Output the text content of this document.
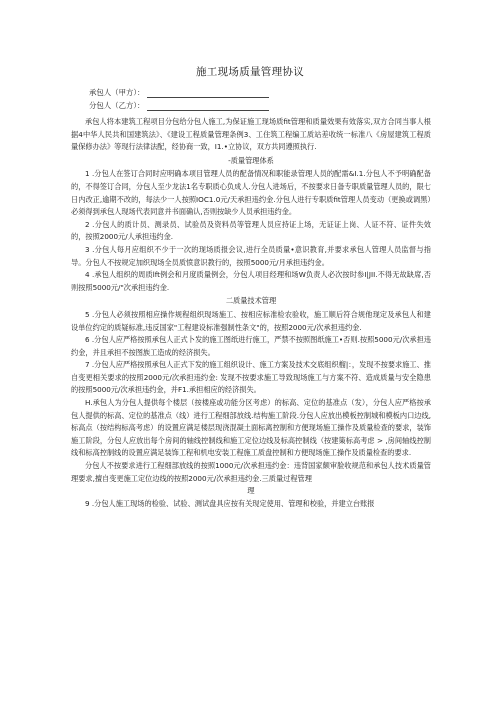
施工现场质量管理协议
承包人（甲方）：
分包人（乙方）：

承包人将本建筑工程项目分包给分包人施工,为保证施工现场质fit管理和质量效果有效落实,双方合同当事人根据4中华人民共和国建筑法》、《建设工程质量管理条例3、工住筑工程编工质站差收统一标准八《房屋建筑工程质量保修办法》等现行法律法配，经协商一致，I1.•立协议，双方共同遵照执行.

-质量管理体系

1 .分包人在签订合同时应明确本项目管理人员的配备情况和职能录管理人员的配需&I.1.分包人不予明确配备的，不得签订合同，分包人至少龙法1名专职质心负成人.分包人进场后，不按要求日备专职质量管理人员的，限七日内改正,逾期不改的，每法少一人按照IOC1.0元/天承担违约金.分包人进行专职质fit管理人员变动（更换或调黑）必须得到承包人现场代表同意并书面确认,否则按缺少人员承担违约金。

2 .分包人的质计员、测录员、试验员及资料员等管理人员应持证上场，无证证上岗、人证不符、证件失效的，按照2000元/人承担违约金.

3 .分包人每月应组织不少于一次的现场质报会议,进行全员质量•意识教育,并要求承包人管理人员监督与指导。分包人不按规定加织现场全员质愤意识教行的，按照5000元/月承担违约金。

4 .承包人组织的周质lft例会和月度质量例会，分包人项目经理和场W负责人必次按时参I|JII.不得无故缺席,否则按照5000元/"次承担违约金.

二质量技术管理

5 .分包人必须按照相应操作规程组织现场施工、按相应标准检农验收，施工顺后符合规他现定及承包人和建设单位约定的质疑标准,违反国家"工程建设标准强制性条文"的，按照2000元/次承担违约金.

6 .分包人应严格按照承包人正式卜发的施工图纸进行施工，严禁不按照图纸施工•否则.按照5000元/次承担违约金，并且承担不按图族工造成的经济损失。

7 .分包人应严格按照承包人正式下发的施工组织设计、施工方案及技术交底组织榴|：，发现不按要求施工、推自变更相关要求的按照2000元/次承担违约金: 发现不按要求施工导致现场施工与方案不符、造成质量与安全隐患的按照5000元/次承担违约金，并F1.承担相应的经济损失。

H.承包人为分包人提供每个楼层（按楼座或功能分区考虑）的标高、定位的基准点（发），分包人应严格按承包人提供的标高、定位的基准点（线）进行工程细部放线.结构施工阶段.分包人应放出模板控制城和模板内口边线,标高点（按结构标高考虑）的设置应满足楼层现浇混凝土面标离控制和方便现场施工操作及质量检查的要求，装饰施工阶段，分包人应放出每个房间的轴线控制线和施工定位边线及标高控制线（按建策标高考虑 > ,房间轴线控制线和标高控制线的设置应满足装饰工程和机电安装工程施工质盘控制和方便现场施工操作及质量检查的要求.

分包人不按要求进行工程细部放线的按照1000元/次承担违约金：违背国家颇审脸收规范和承包人技术质量管理要求,擅自变更施工定位边线的按照2000元/次承担违约金.三质量过程管理

理

9 .分包人施工现场的检验、试验、测试盘具应按有关现定使用、管理和校验，并建立台账报
